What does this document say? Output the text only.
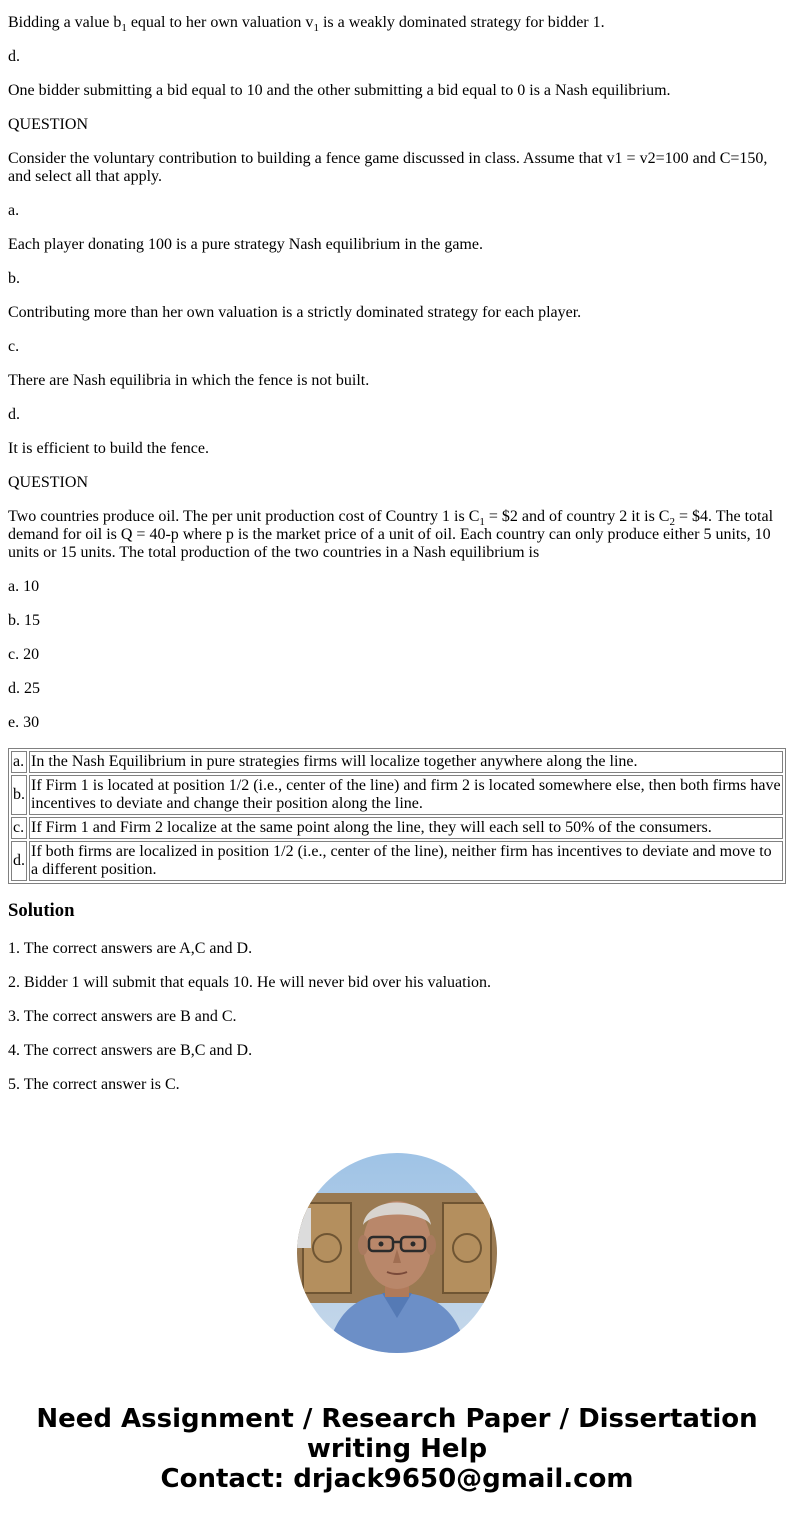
Bidding a value $b_1$ equal to her own valuation $v_1$ is a weakly dominated strategy for bidder 1.

d.

One bidder submitting a bid equal to 10 and the other submitting a bid equal to 0 is a Nash equilibrium.

QUESTION

Consider the voluntary contribution to building a fence game discussed in class. Assume that v1 = v2=100 and C=150, and select all that apply.

a.

Each player donating 100 is a pure strategy Nash equilibrium in the game.

b.

Contributing more than her own valuation is a strictly dominated strategy for each player.

c.

There are Nash equilibria in which the fence is not built.

d.

It is efficient to build the fence.

QUESTION

Two countries produce oil. The per unit production cost of Country 1 is $C_1$ = $2 and of country 2 it is $C_2$ = $4. The total demand for oil is Q = 40-p where p is the market price of a unit of oil. Each country can only produce either 5 units, 10 units or 15 units. The total production of the two countries in a Nash equilibrium is

a. 10

b. 15

c. 20

d. 25

e. 30

a.	In the Nash Equilibrium in pure strategies firms will localize together anywhere along the line.
b.	If Firm 1 is located at position 1/2 (i.e., center of the line) and firm 2 is located somewhere else, then both firms have incentives to deviate and change their position along the line.
c.	If Firm 1 and Firm 2 localize at the same point along the line, they will each sell to 50% of the consumers.
d.	If both firms are localized in position 1/2 (i.e., center of the line), neither firm has incentives to deviate and move to a different position.
Solution

1. The correct answers are A,C and D.

2. Bidder 1 will submit that equals 10. He will never bid over his valuation.

3. The correct answers are B and C.

4. The correct answers are B,C and D.

5. The correct answer is C.

Need Assignment / Research Paper / Dissertation
writing Help
Contact: drjack9650@gmail.com
